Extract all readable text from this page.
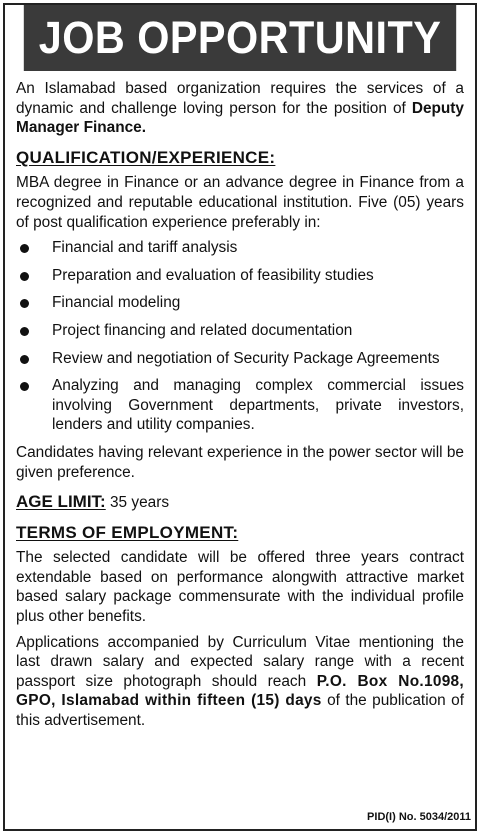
JOB OPPORTUNITY

An Islamabad based organization requires the services of a dynamic and challenge loving person for the position of Deputy Manager Finance.

QUALIFICATION/EXPERIENCE:

MBA degree in Finance or an advance degree in Finance from a recognized and reputable educational institution. Five (05) years of post qualification experience preferably in:

Financial and tariff analysis
Preparation and evaluation of feasibility studies
Financial modeling
Project financing and related documentation
Review and negotiation of Security Package Agreements
Analyzing and managing complex commercial issues involving Government departments, private investors, lenders and utility companies.

Candidates having relevant experience in the power sector will be given preference.

AGE LIMIT: 35 years
TERMS OF EMPLOYMENT:

The selected candidate will be offered three years contract extendable based on performance alongwith attractive market based salary package commensurate with the individual profile plus other benefits.

Applications accompanied by Curriculum Vitae mentioning the last drawn salary and expected salary range with a recent passport size photograph should reach P.O. Box No.1098, GPO, Islamabad within fifteen (15) days of the publication of this advertisement.

PID(I) No. 5034/2011
